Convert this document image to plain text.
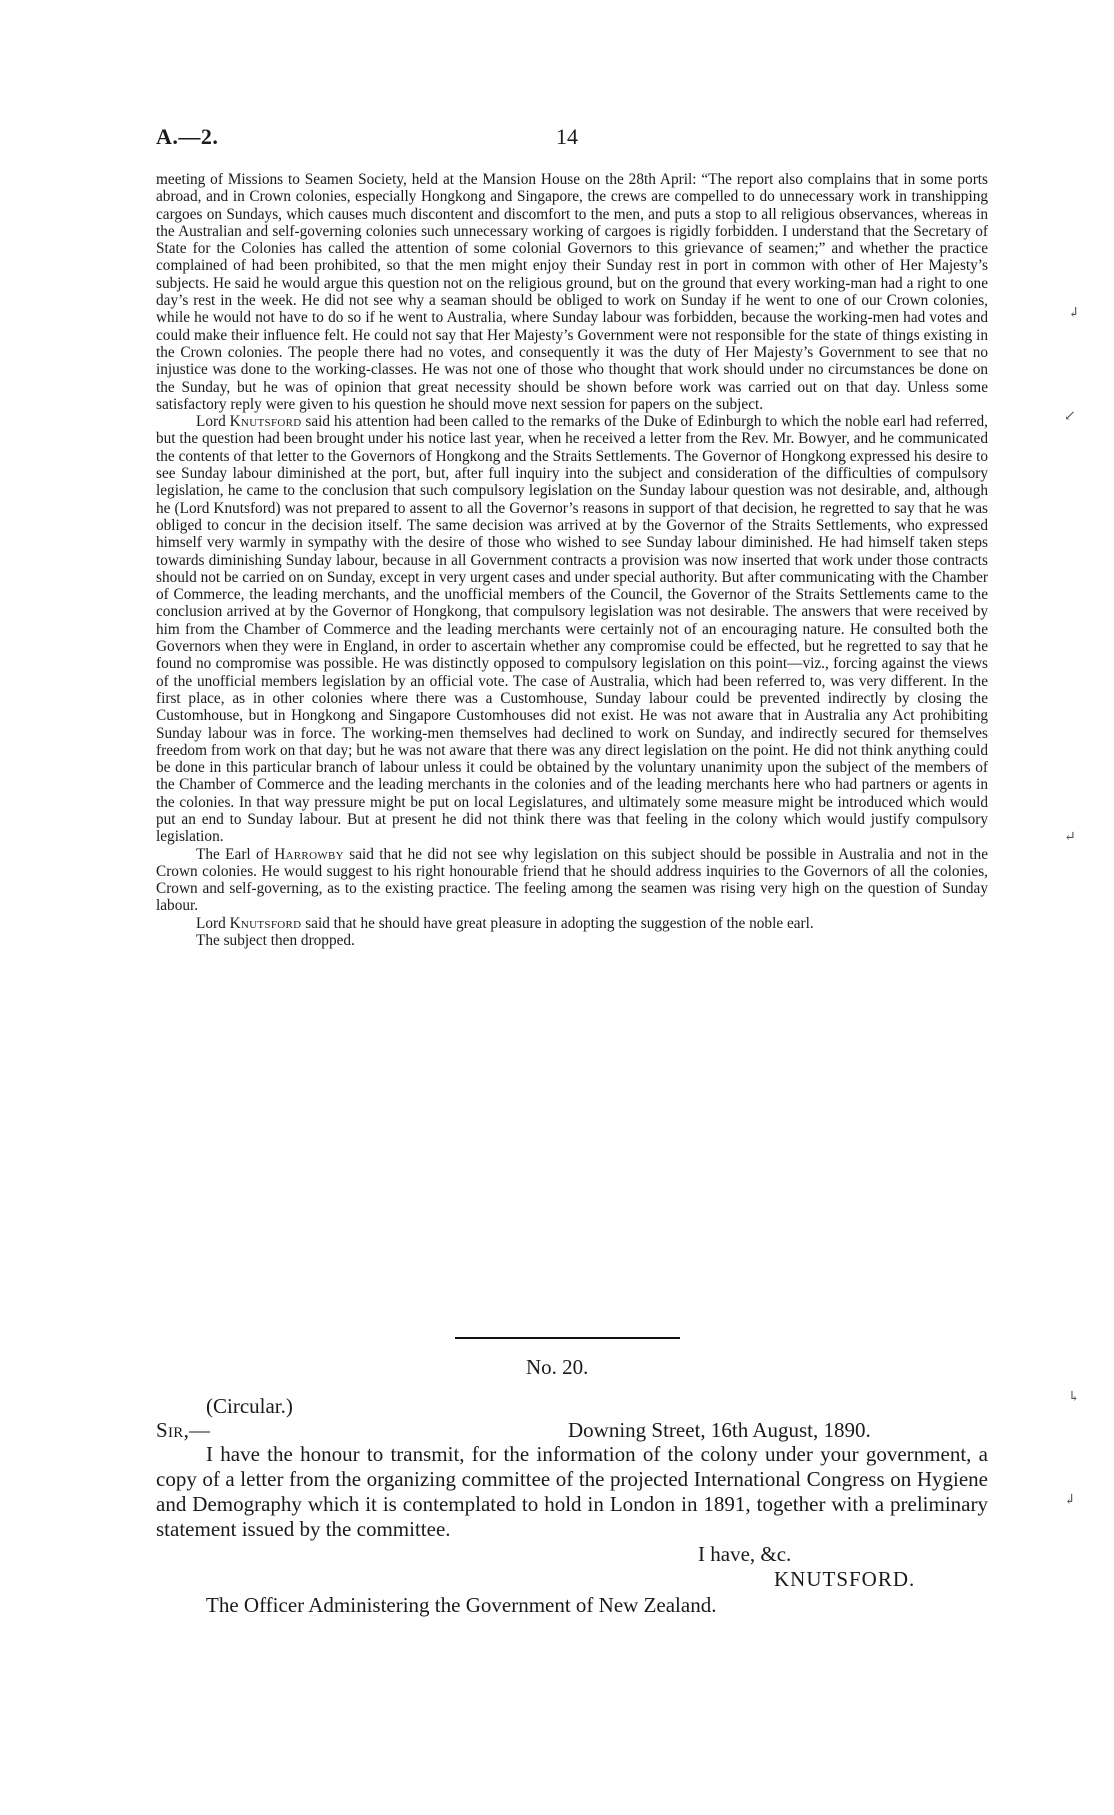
A.—2.	14

meeting of Missions to Seamen Society, held at the Mansion House on the 28th April: “The report also complains that in some ports abroad, and in Crown colonies, especially Hongkong and Singapore, the crews are compelled to do unnecessary work in transhipping cargoes on Sundays, which causes much discontent and discomfort to the men, and puts a stop to all religious observances, whereas in the Australian and self-governing colonies such unnecessary working of cargoes is rigidly forbidden. I understand that the Secretary of State for the Colonies has called the attention of some colonial Governors to this grievance of seamen;” and whether the practice complained of had been prohibited, so that the men might enjoy their Sunday rest in port in common with other of Her Majesty’s subjects. He said he would argue this question not on the religious ground, but on the ground that every working-man had a right to one day’s rest in the week. He did not see why a seaman should be obliged to work on Sunday if he went to one of our Crown colonies, while he would not have to do so if he went to Australia, where Sunday labour was forbidden, because the working-men had votes and could make their influence felt. He could not say that Her Majesty’s Government were not responsible for the state of things existing in the Crown colonies. The people there had no votes, and consequently it was the duty of Her Majesty’s Government to see that no injustice was done to the working-classes. He was not one of those who thought that work should under no circumstances be done on the Sunday, but he was of opinion that great necessity should be shown before work was carried out on that day. Unless some satisfactory reply were given to his question he should move next session for papers on the subject.

Lord Knutsford said his attention had been called to the remarks of the Duke of Edinburgh to which the noble earl had referred, but the question had been brought under his notice last year, when he received a letter from the Rev. Mr. Bowyer, and he communicated the contents of that letter to the Governors of Hongkong and the Straits Settlements. The Governor of Hongkong expressed his desire to see Sunday labour diminished at the port, but, after full inquiry into the subject and consideration of the difficulties of compulsory legislation, he came to the conclusion that such compulsory legislation on the Sunday labour question was not desirable, and, although he (Lord Knutsford) was not prepared to assent to all the Governor’s reasons in support of that decision, he regretted to say that he was obliged to concur in the decision itself. The same decision was arrived at by the Governor of the Straits Settlements, who expressed himself very warmly in sympathy with the desire of those who wished to see Sunday labour diminished. He had himself taken steps towards diminishing Sunday labour, because in all Government contracts a provision was now inserted that work under those contracts should not be carried on on Sunday, except in very urgent cases and under special authority. But after communicating with the Chamber of Commerce, the leading merchants, and the unofficial members of the Council, the Governor of the Straits Settlements came to the conclusion arrived at by the Governor of Hongkong, that compulsory legislation was not desirable. The answers that were received by him from the Chamber of Commerce and the leading merchants were certainly not of an encouraging nature. He consulted both the Governors when they were in England, in order to ascertain whether any compromise could be effected, but he regretted to say that he found no compromise was possible. He was distinctly opposed to compulsory legislation on this point—viz., forcing against the views of the unofficial members legislation by an official vote. The case of Australia, which had been referred to, was very different. In the first place, as in other colonies where there was a Customhouse, Sunday labour could be prevented indirectly by closing the Customhouse, but in Hongkong and Singapore Customhouses did not exist. He was not aware that in Australia any Act prohibiting Sunday labour was in force. The working-men themselves had declined to work on Sunday, and indirectly secured for themselves freedom from work on that day; but he was not aware that there was any direct legislation on the point. He did not think anything could be done in this particular branch of labour unless it could be obtained by the voluntary unanimity upon the subject of the members of the Chamber of Commerce and the leading merchants in the colonies and of the leading merchants here who had partners or agents in the colonies. In that way pressure might be put on local Legislatures, and ultimately some measure might be introduced which would put an end to Sunday labour. But at present he did not think there was that feeling in the colony which would justify compulsory legislation.

The Earl of Harrowby said that he did not see why legislation on this subject should be possible in Australia and not in the Crown colonies. He would suggest to his right honourable friend that he should address inquiries to the Governors of all the colonies, Crown and self-governing, as to the existing practice. The feeling among the seamen was rising very high on the question of Sunday labour.

Lord Knutsford said that he should have great pleasure in adopting the suggestion of the noble earl.

The subject then dropped.

No. 20.
(Circular.)
Sir,—	Downing Street, 16th August, 1890.
I have the honour to transmit, for the information of the colony under your government, a copy of a letter from the organizing committee of the projected International Congress on Hygiene and Demography which it is contemplated to hold in London in 1891, together with a preliminary statement issued by the committee.
I have, &c.
KNUTSFORD.
The Officer Administering the Government of New Zealand.
↲
↙
↵
↳
↲
